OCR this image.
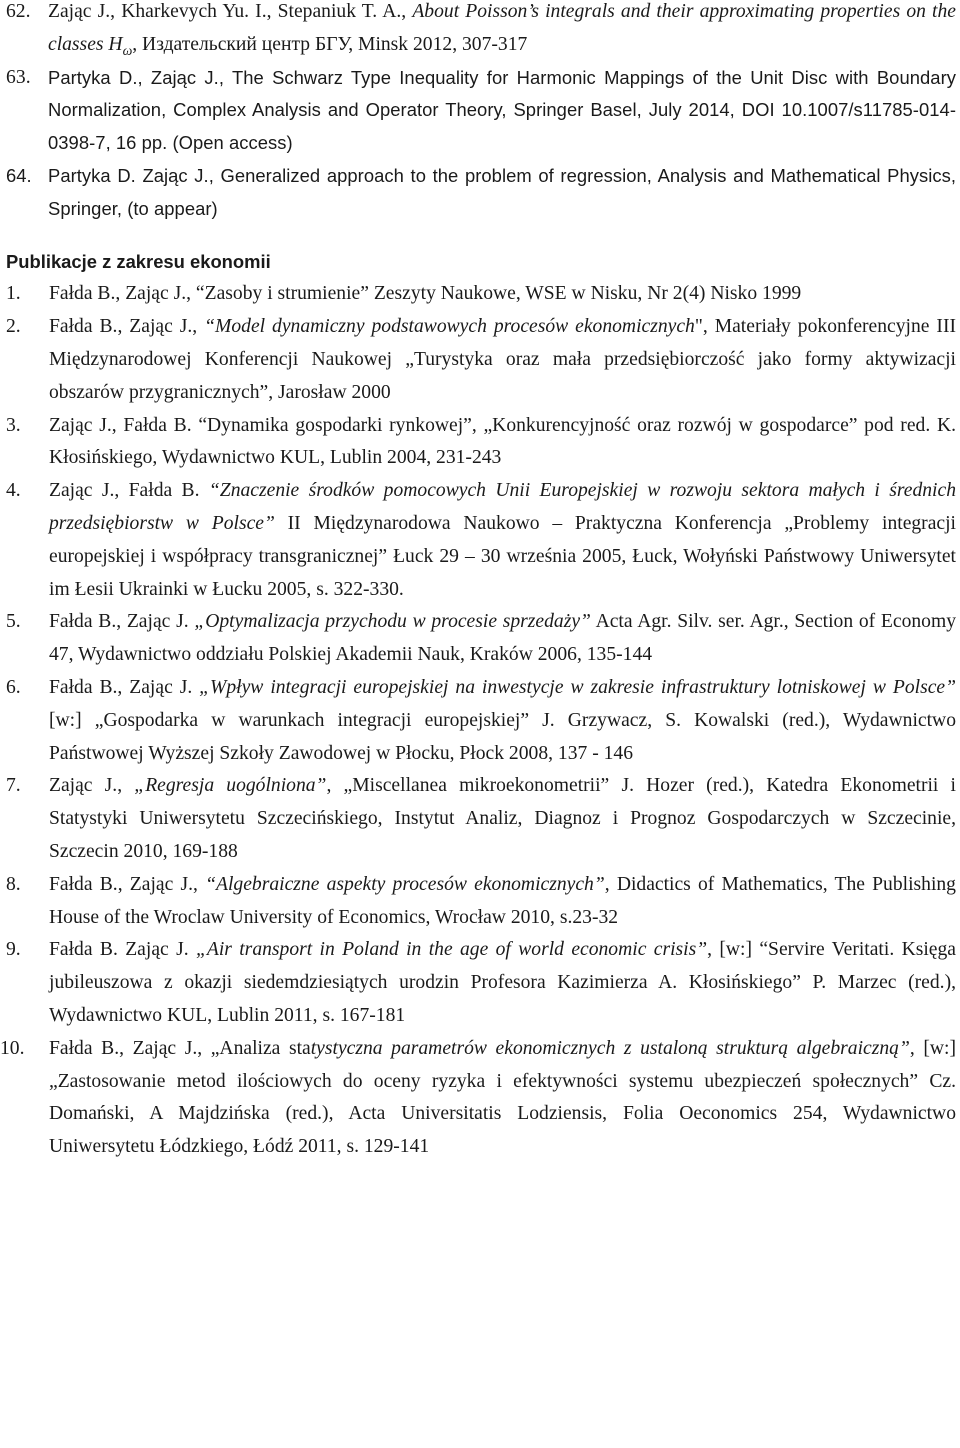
62. Zając J., Kharkevych Yu. I., Stepaniuk T. A., About Poisson’s integrals and their approximating properties on the classes $H_\omega$, Издательский центр БГУ, Minsk 2012, 307-317
63. Partyka D., Zając J., The Schwarz Type Inequality for Harmonic Mappings of the Unit Disc with Boundary Normalization, Complex Analysis and Operator Theory, Springer Basel, July 2014, DOI 10.1007/s11785-014-0398-7, 16 pp. (Open access)
64. Partyka D. Zając J., Generalized approach to the problem of regression, Analysis and Mathematical Physics, Springer, (to appear)
Publikacje z zakresu ekonomii
1.	Fałda B., Zając J., “Zasoby i strumienie” Zeszyty Naukowe, WSE w Nisku, Nr 2(4) Nisko 1999
2.	Fałda B., Zając J., “Model dynamiczny podstawowych procesów ekonomicznych", Materiały pokonferencyjne III Międzynarodowej Konferencji Naukowej „Turystyka oraz mała przedsiębiorczość jako formy aktywizacji obszarów przygranicznych”, Jarosław 2000
3.	Zając J., Fałda B. “Dynamika gospodarki rynkowej”, „Konkurencyjność oraz rozwój w gospodarce” pod red. K. Kłosińskiego, Wydawnictwo KUL, Lublin 2004, 231-243
4.	Zając J., Fałda B. “Znaczenie środków pomocowych Unii Europejskiej w rozwoju sektora małych i średnich przedsiębiorstw w Polsce” II Międzynarodowa Naukowo – Praktyczna Konferencja „Problemy integracji europejskiej i współpracy transgranicznej” Łuck 29 – 30 września 2005, Łuck, Wołyński Państwowy Uniwersytet im Łesii Ukrainki w Łucku 2005, s. 322-330.
5.	Fałda B., Zając J. „Optymalizacja przychodu w procesie sprzedaży” Acta Agr. Silv. ser. Agr., Section of Economy 47, Wydawnictwo oddziału Polskiej Akademii Nauk, Kraków 2006, 135-144
6.	Fałda B., Zając J. „Wpływ integracji europejskiej na inwestycje w zakresie infrastruktury lotniskowej w Polsce” [w:] „Gospodarka w warunkach integracji europejskiej” J. Grzywacz, S. Kowalski (red.), Wydawnictwo Państwowej Wyższej Szkoły Zawodowej w Płocku, Płock 2008, 137 - 146
7.	Zając J., „Regresja uogólniona”, „Miscellanea mikroekonometrii” J. Hozer (red.), Katedra Ekonometrii i Statystyki Uniwersytetu Szczecińskiego, Instytut Analiz, Diagnoz i Prognoz Gospodarczych w Szczecinie, Szczecin 2010, 169-188
8.	Fałda B., Zając J., “Algebraiczne aspekty procesów ekonomicznych”, Didactics of Mathematics, The Publishing House of the Wroclaw University of Economics, Wrocław 2010, s.23-32
9.	Fałda B. Zając J. „Air transport in Poland in the age of world economic crisis”, [w:] “Servire Veritati. Księga jubileuszowa z okazji siedemdziesiątych urodzin Profesora Kazimierza A. Kłosińskiego” P. Marzec (red.), Wydawnictwo KUL, Lublin 2011, s. 167-181
10.	Fałda B., Zając J., „Analiza statystyczna parametrów ekonomicznych z ustaloną strukturą algebraiczną”, [w:] „Zastosowanie metod ilościowych do oceny ryzyka i efektywności systemu ubezpieczeń społecznych” Cz. Domański, A Majdzińska (red.), Acta Universitatis Lodziensis, Folia Oeconomics 254, Wydawnictwo Uniwersytetu Łódzkiego, Łódź 2011, s. 129-141
